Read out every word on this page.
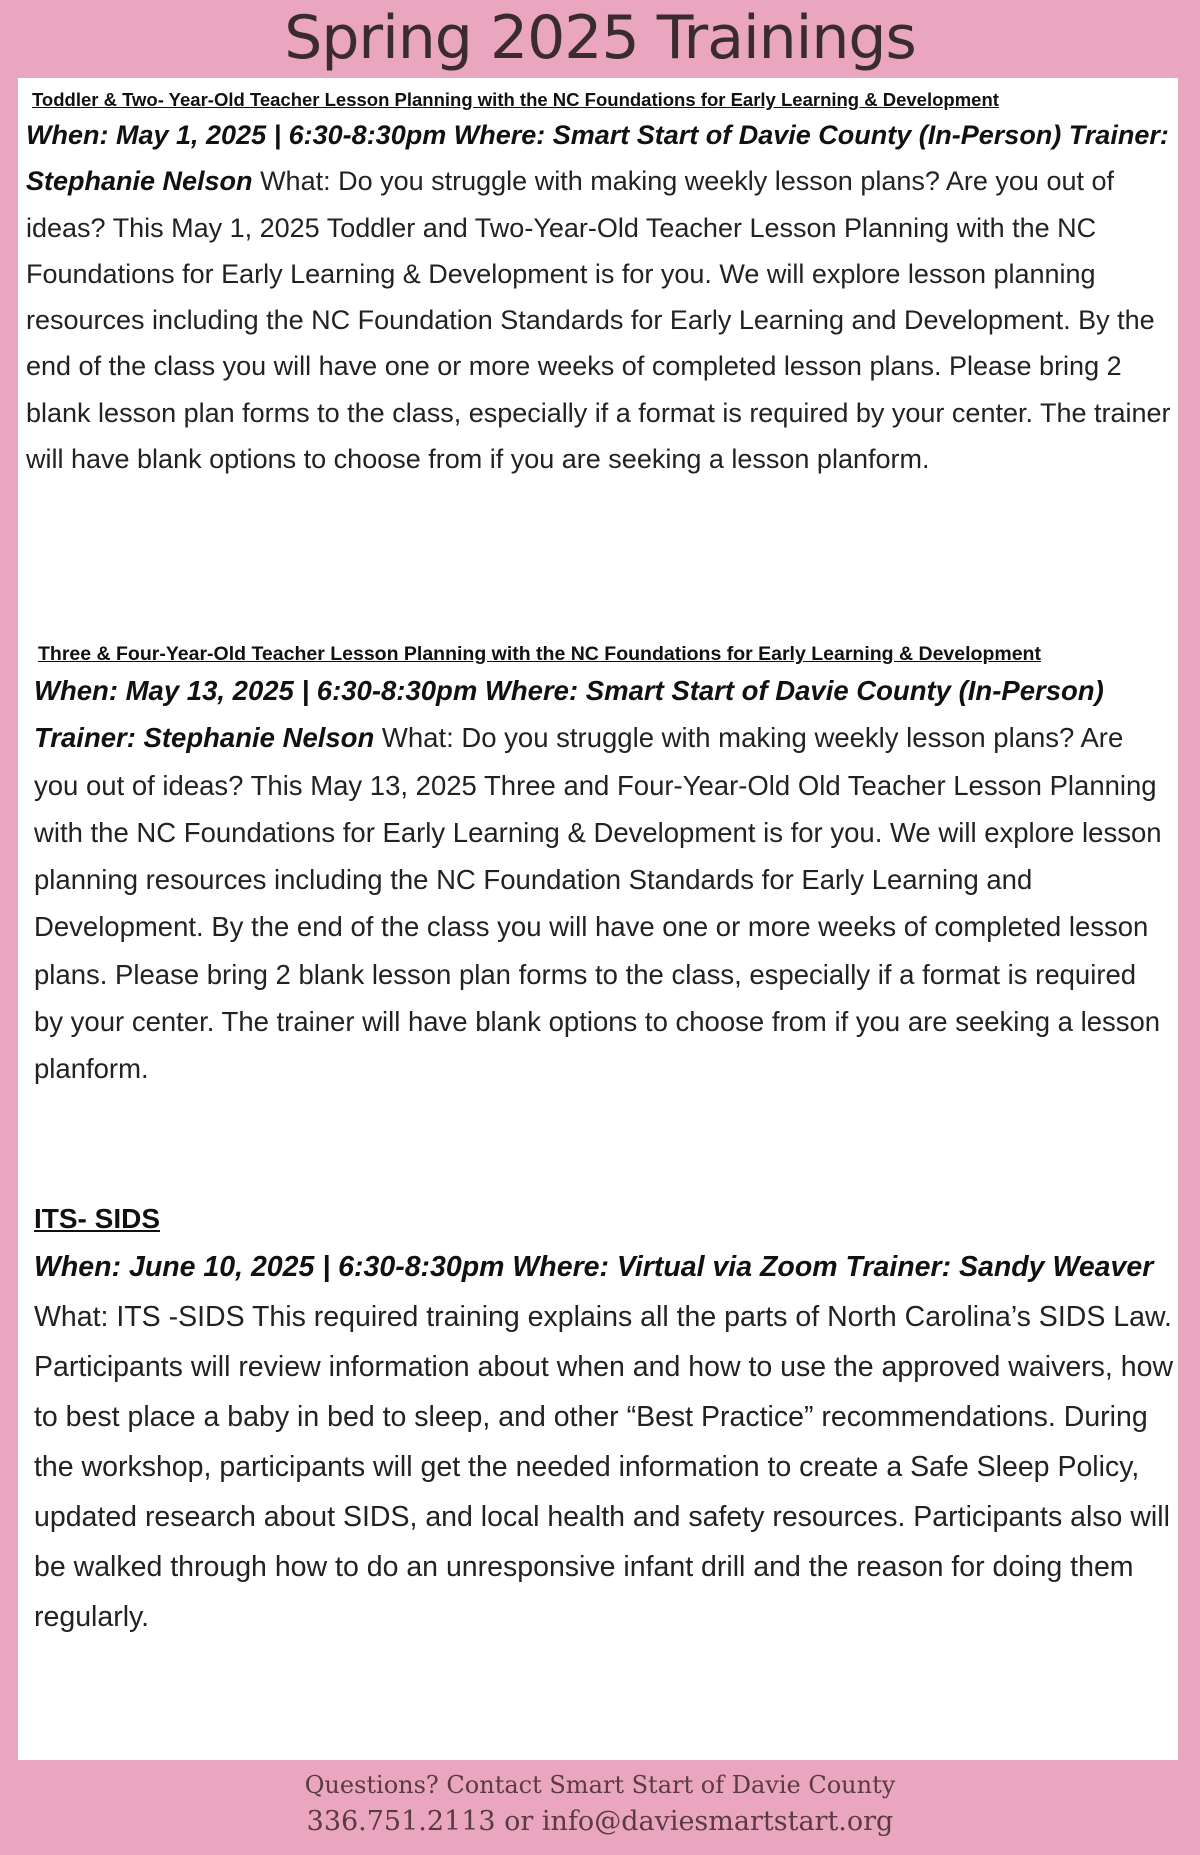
Spring 2025 Trainings
Toddler & Two- Year-Old Teacher Lesson Planning with the NC Foundations for Early Learning & Development
When: May 1, 2025 | 6:30-8:30pm Where: Smart Start of Davie County (In-Person) Trainer: Stephanie Nelson What: Do you struggle with making weekly lesson plans? Are you out of ideas? This May 1, 2025 Toddler and Two-Year-Old Teacher Lesson Planning with the NC Foundations for Early Learning & Development is for you. We will explore lesson planning resources including the NC Foundation Standards for Early Learning and Development. By the end of the class you will have one or more weeks of completed lesson plans. Please bring 2 blank lesson plan forms to the class, especially if a format is required by your center. The trainer will have blank options to choose from if you are seeking a lesson planform.
Three & Four-Year-Old Teacher Lesson Planning with the NC Foundations for Early Learning & Development
When: May 13, 2025 | 6:30-8:30pm Where: Smart Start of Davie County (In-Person) Trainer: Stephanie Nelson What: Do you struggle with making weekly lesson plans? Are you out of ideas? This May 13, 2025 Three and Four-Year-Old Old Teacher Lesson Planning with the NC Foundations for Early Learning & Development is for you. We will explore lesson planning resources including the NC Foundation Standards for Early Learning and Development. By the end of the class you will have one or more weeks of completed lesson plans. Please bring 2 blank lesson plan forms to the class, especially if a format is required by your center. The trainer will have blank options to choose from if you are seeking a lesson planform.
ITS- SIDS
When: June 10, 2025 | 6:30-8:30pm Where: Virtual via Zoom Trainer: Sandy Weaver What: ITS -SIDS This required training explains all the parts of North Carolina’s SIDS Law. Participants will review information about when and how to use the approved waivers, how to best place a baby in bed to sleep, and other “Best Practice” recommendations. During the workshop, participants will get the needed information to create a Safe Sleep Policy, updated research about SIDS, and local health and safety resources. Participants also will be walked through how to do an unresponsive infant drill and the reason for doing them regularly.
Questions? Contact Smart Start of Davie County
336.751.2113 or info@daviesmartstart.org
